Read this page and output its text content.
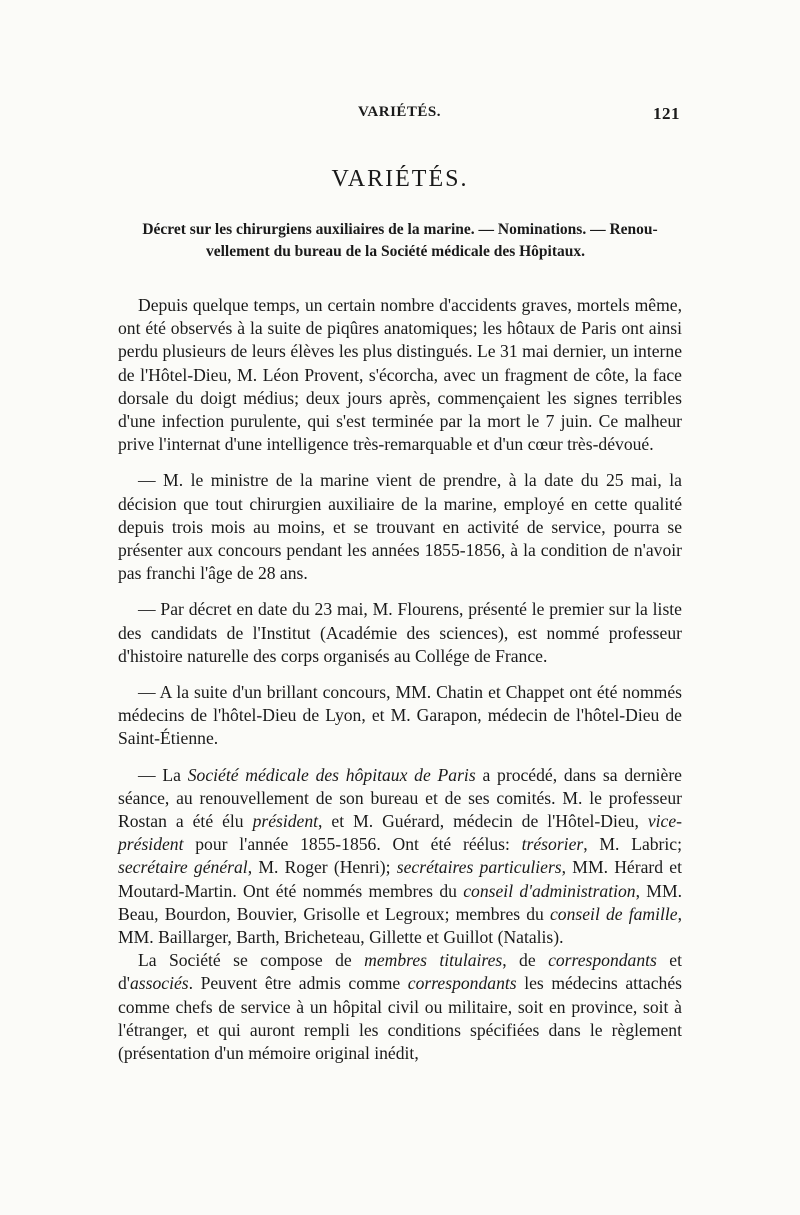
VARIÉTÉS.	121
VARIÉTÉS.
Décret sur les chirurgiens auxiliaires de la marine. — Nominations. — Renou-
vellement du bureau de la Société médicale des Hôpitaux.

Depuis quelque temps, un certain nombre d'accidents graves, mortels même, ont été observés à la suite de piqûres anatomiques; les hôtaux de Paris ont ainsi perdu plusieurs de leurs élèves les plus distingués. Le 31 mai dernier, un interne de l'Hôtel-Dieu, M. Léon Provent, s'écorcha, avec un fragment de côte, la face dorsale du doigt médius; deux jours après, commençaient les signes terribles d'une infection purulente, qui s'est terminée par la mort le 7 juin. Ce malheur prive l'internat d'une intelligence très-remarquable et d'un cœur très-dévoué.

— M. le ministre de la marine vient de prendre, à la date du 25 mai, la décision que tout chirurgien auxiliaire de la marine, employé en cette qualité depuis trois mois au moins, et se trouvant en activité de service, pourra se présenter aux concours pendant les années 1855-1856, à la condition de n'avoir pas franchi l'âge de 28 ans.

— Par décret en date du 23 mai, M. Flourens, présenté le premier sur la liste des candidats de l'Institut (Académie des sciences), est nommé professeur d'histoire naturelle des corps organisés au Collége de France.

— A la suite d'un brillant concours, MM. Chatin et Chappet ont été nommés médecins de l'hôtel-Dieu de Lyon, et M. Garapon, médecin de l'hôtel-Dieu de Saint-Étienne.

— La Société médicale des hôpitaux de Paris a procédé, dans sa dernière séance, au renouvellement de son bureau et de ses comités. M. le professeur Rostan a été élu président, et M. Guérard, médecin de l'Hôtel-Dieu, vice-président pour l'année 1855-1856. Ont été réélus: trésorier, M. Labric; secrétaire général, M. Roger (Henri); secrétaires particuliers, MM. Hérard et Moutard-Martin. Ont été nommés membres du conseil d'administration, MM. Beau, Bourdon, Bouvier, Grisolle et Legroux; membres du conseil de famille, MM. Baillarger, Barth, Bricheteau, Gillette et Guillot (Natalis).

La Société se compose de membres titulaires, de correspondants et d'associés. Peuvent être admis comme correspondants les médecins attachés comme chefs de service à un hôpital civil ou militaire, soit en province, soit à l'étranger, et qui auront rempli les conditions spécifiées dans le règlement (présentation d'un mémoire original inédit,
